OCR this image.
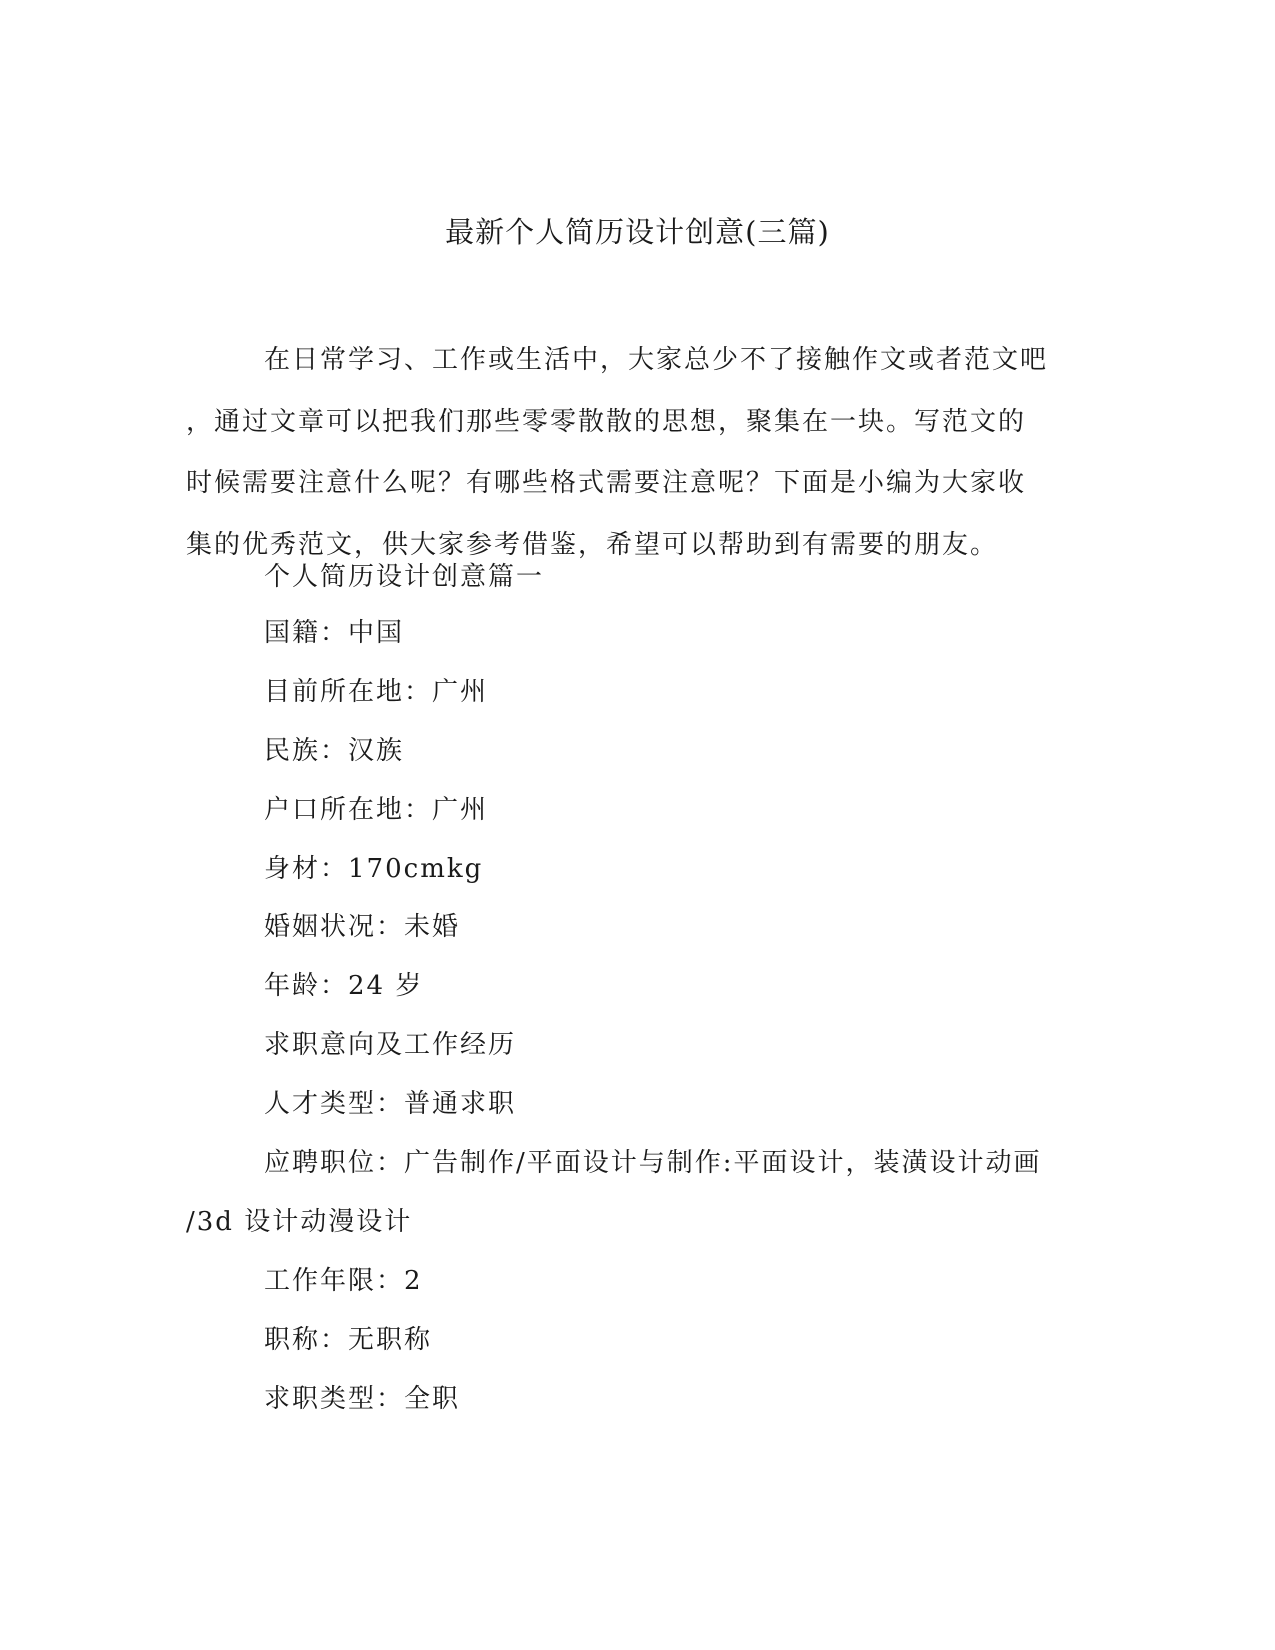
最新个人简历设计创意(三篇)
在日常学习、工作或生活中，大家总少不了接触作文或者范文吧
，通过文章可以把我们那些零零散散的思想，聚集在一块。写范文的
时候需要注意什么呢？有哪些格式需要注意呢？下面是小编为大家收
集的优秀范文，供大家参考借鉴，希望可以帮助到有需要的朋友。
个人简历设计创意篇一
国籍：中国
目前所在地：广州
民族：汉族
户口所在地：广州
身材：170cmkg
婚姻状况：未婚
年龄：24 岁
求职意向及工作经历
人才类型：普通求职
应聘职位：广告制作/平面设计与制作:平面设计，装潢设计动画
/3d 设计动漫设计
工作年限：2
职称：无职称
求职类型：全职
